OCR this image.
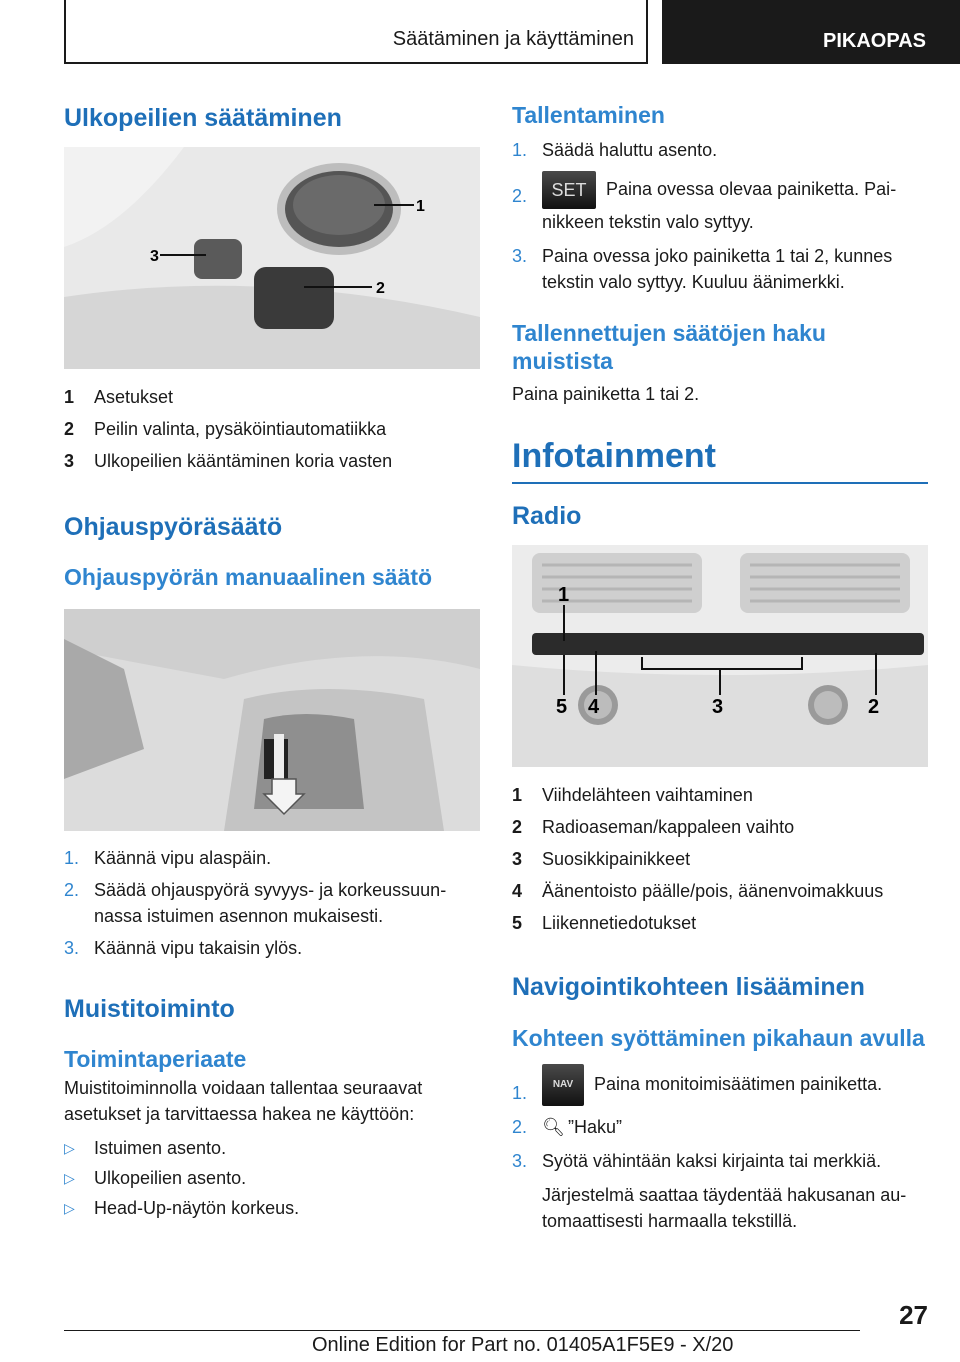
Säätäminen ja käyttäminen	PIKAOPAS
Ulkopeilien säätäminen
1
2
3
1	Asetukset
2	Peilin valinta, pysäköintiautomatiikka
3	Ulkopeilien kääntäminen koria vasten
Ohjauspyöräsäätö
Ohjauspyörän manuaalinen säätö
1. Käännä vipu alaspäin.
2. Säädä ohjauspyörä syvyys- ja korkeussuunnassa istuimen asennon mukaisesti.
3. Käännä vipu takaisin ylös.
Muistitoiminto
Toimintaperiaate

Muistitoiminnolla voidaan tallentaa seuraavat asetukset ja tarvittaessa hakea ne käyttöön:

▷	Istuimen asento.
▷	Ulkopeilien asento.
▷	Head-Up-näytön korkeus.
Tallentaminen
1. Säädä haluttu asento.
2.	SET Paina ovessa olevaa painiketta. Painikkeen tekstin valo syttyy.
3. Paina ovessa joko painiketta 1 tai 2, kunnes tekstin valo syttyy. Kuuluu äänimerkki.
Tallennettujen säätöjen haku muistista

Paina painiketta 1 tai 2.

Infotainment
Radio
1
5 4	3	2
1	Viihdelähteen vaihtaminen
2	Radioaseman/kappaleen vaihto
3	Suosikkipainikkeet
4	Äänentoisto päälle/pois, äänenvoimakkuus
5	Liikennetiedotukset
Navigointikohteen lisääminen
Kohteen syöttäminen pikahaun avulla
1.	NAV Paina monitoimisäätimen painiketta.
2. 🔍︎ ”Haku”
3. Syötä vähintään kaksi kirjainta tai merkkiä.
Järjestelmä saattaa täydentää hakusanan automaattisesti harmaalla tekstillä.
27
Online Edition for Part no. 01405A1F5E9 - X/20
